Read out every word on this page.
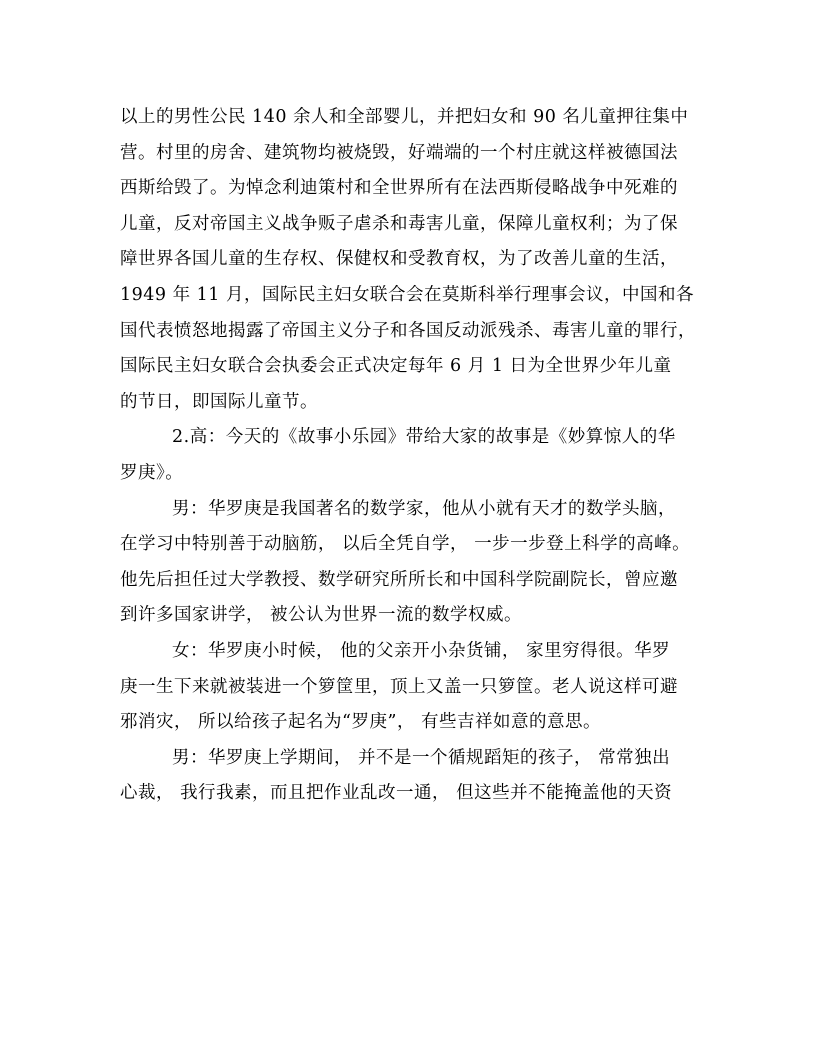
以上的男性公民 140 余人和全部婴儿，并把妇女和 90 名儿童押往集中
营。村里的房舍、建筑物均被烧毁，好端端的一个村庄就这样被德国法
西斯给毁了。为悼念利迪策村和全世界所有在法西斯侵略战争中死难的
儿童，反对帝国主义战争贩子虐杀和毒害儿童，保障儿童权利；为了保
障世界各国儿童的生存权、保健权和受教育权，为了改善儿童的生活，
1949 年 11 月，国际民主妇女联合会在莫斯科举行理事会议，中国和各
国代表愤怒地揭露了帝国主义分子和各国反动派残杀、毒害儿童的罪行，
国际民主妇女联合会执委会正式决定每年 6 月 1 日为全世界少年儿童
的节日，即国际儿童节。
2.高：今天的《故事小乐园》带给大家的故事是《妙算惊人的华
罗庚》。
男：华罗庚是我国著名的数学家，他从小就有天才的数学头脑，
在学习中特别善于动脑筋， 以后全凭自学， 一步一步登上科学的高峰。
他先后担任过大学教授、数学研究所所长和中国科学院副院长，曾应邀
到许多国家讲学， 被公认为世界一流的数学权威。
女：华罗庚小时候， 他的父亲开小杂货铺， 家里穷得很。华罗
庚一生下来就被装进一个箩筐里，顶上又盖一只箩筐。老人说这样可避
邪消灾， 所以给孩子起名为“罗庚”， 有些吉祥如意的意思。
男：华罗庚上学期间， 并不是一个循规蹈矩的孩子， 常常独出
心裁， 我行我素，而且把作业乱改一通， 但这些并不能掩盖他的天资
